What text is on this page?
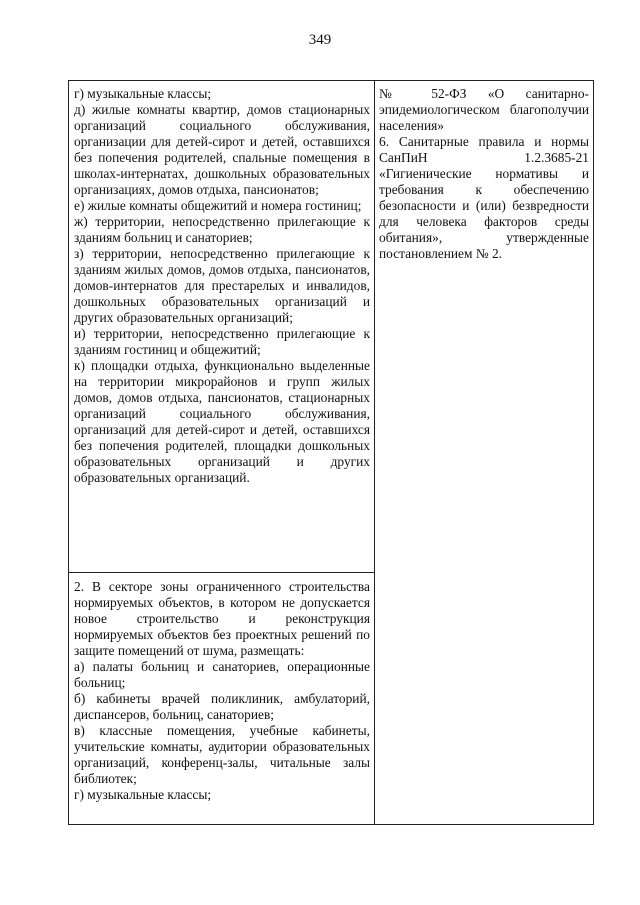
349

г) музыкальные классы;

д) жилые комнаты квартир, домов стационарных организаций социального обслуживания, организации для детей-сирот и детей, оставшихся без попечения родителей, спальные помещения в школах-интернатах, дошкольных образовательных организациях, домов отдыха, пансионатов;

е) жилые комнаты общежитий и номера гостиниц;

ж) территории, непосредственно прилегающие к зданиям больниц и санаториев;

з) территории, непосредственно прилегающие к зданиям жилых домов, домов отдыха, пансионатов, домов-интернатов для престарелых и инвалидов, дошкольных образовательных организаций и других образовательных организаций;

и) территории, непосредственно прилегающие к зданиям гостиниц и общежитий;

к) площадки отдыха, функционально выделенные на территории микрорайонов и групп жилых домов, домов отдыха, пансионатов, стационарных организаций социального обслуживания, организаций для детей-сирот и детей, оставшихся без попечения родителей, площадки дошкольных образовательных организаций и других образовательных организаций.

2. В секторе зоны ограниченного строительства нормируемых объектов, в котором не допускается новое строительство и реконструкция нормируемых объектов без проектных решений по защите помещений от шума, размещать:

а) палаты больниц и санаториев, операционные больниц;

б) кабинеты врачей поликлиник, амбулаторий, диспансеров, больниц, санаториев;

в) классные помещения, учебные кабинеты, учительские комнаты, аудитории образовательных организаций, конференц-залы, читальные залы библиотек;

г) музыкальные классы;

№ 52-ФЗ «О санитарно-эпидемиологическом благополучии населения»

6. Санитарные правила и нормы СанПиН 1.2.3685-21 «Гигиенические нормативы и требования к обеспечению безопасности и (или) безвредности для человека факторов среды обитания», утвержденные постановлением № 2.
